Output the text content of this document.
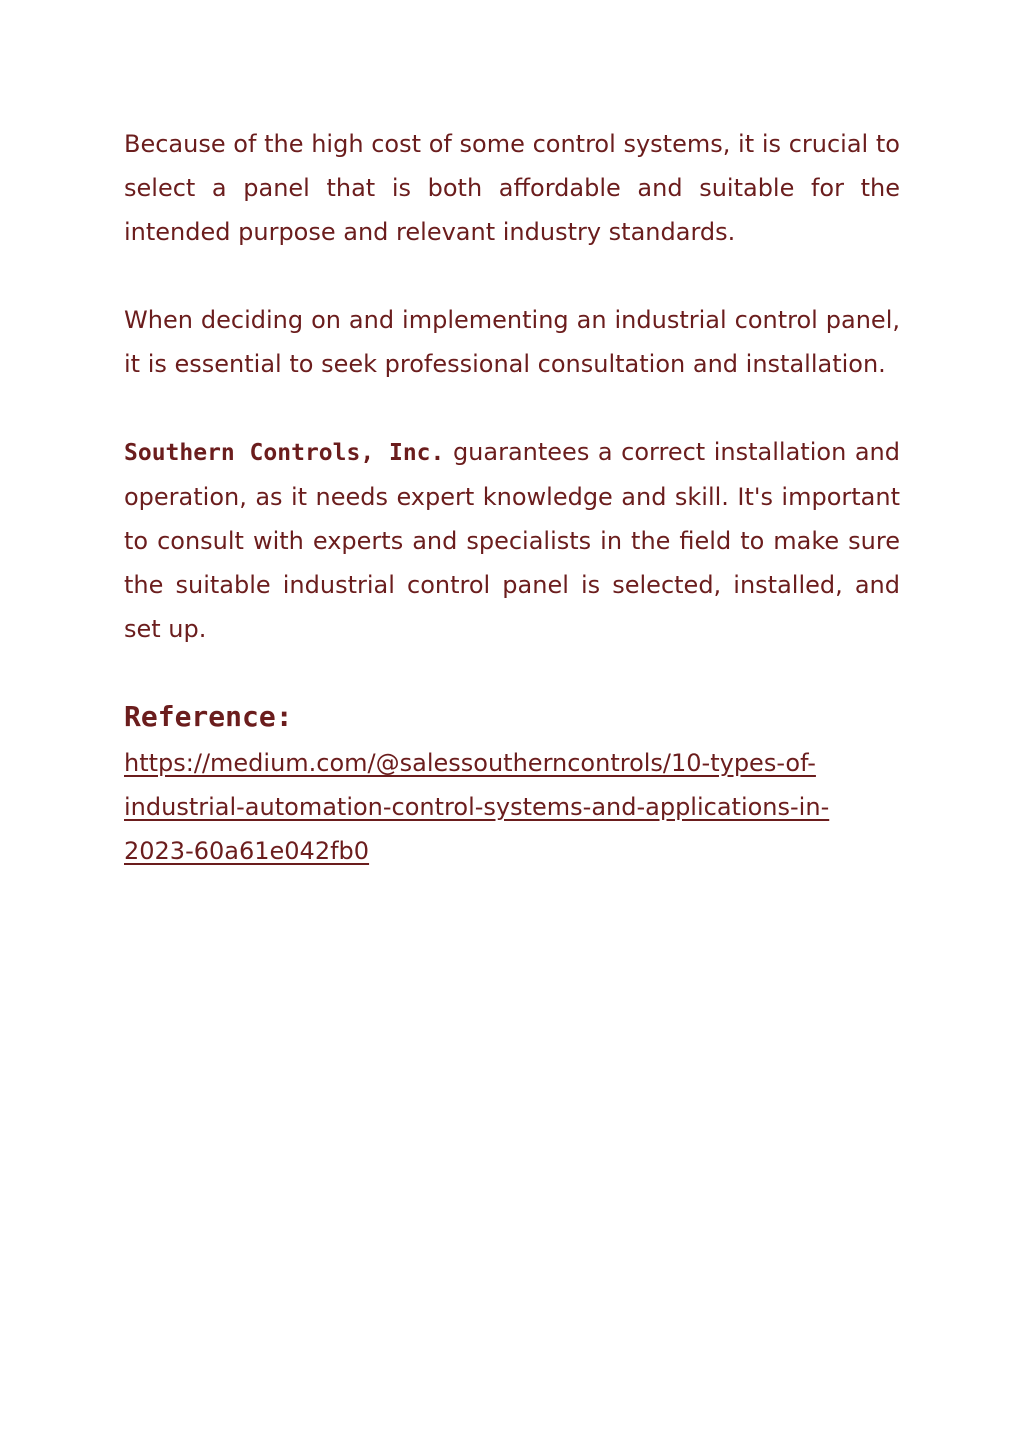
Because of the high cost of some control systems, it is crucial to select a panel that is both affordable and suitable for the intended purpose and relevant industry standards.

When deciding on and implementing an industrial control panel, it is essential to seek professional consultation and installation.

Southern Controls, Inc. guarantees a correct installation and operation, as it needs expert knowledge and skill. It's important to consult with experts and specialists in the field to make sure the suitable industrial control panel is selected, installed, and set up.

Reference:
https://medium.com/@salessoutherncontrols/10-types-of-
industrial-automation-control-systems-and-applications-in-
2023-60a61e042fb0
